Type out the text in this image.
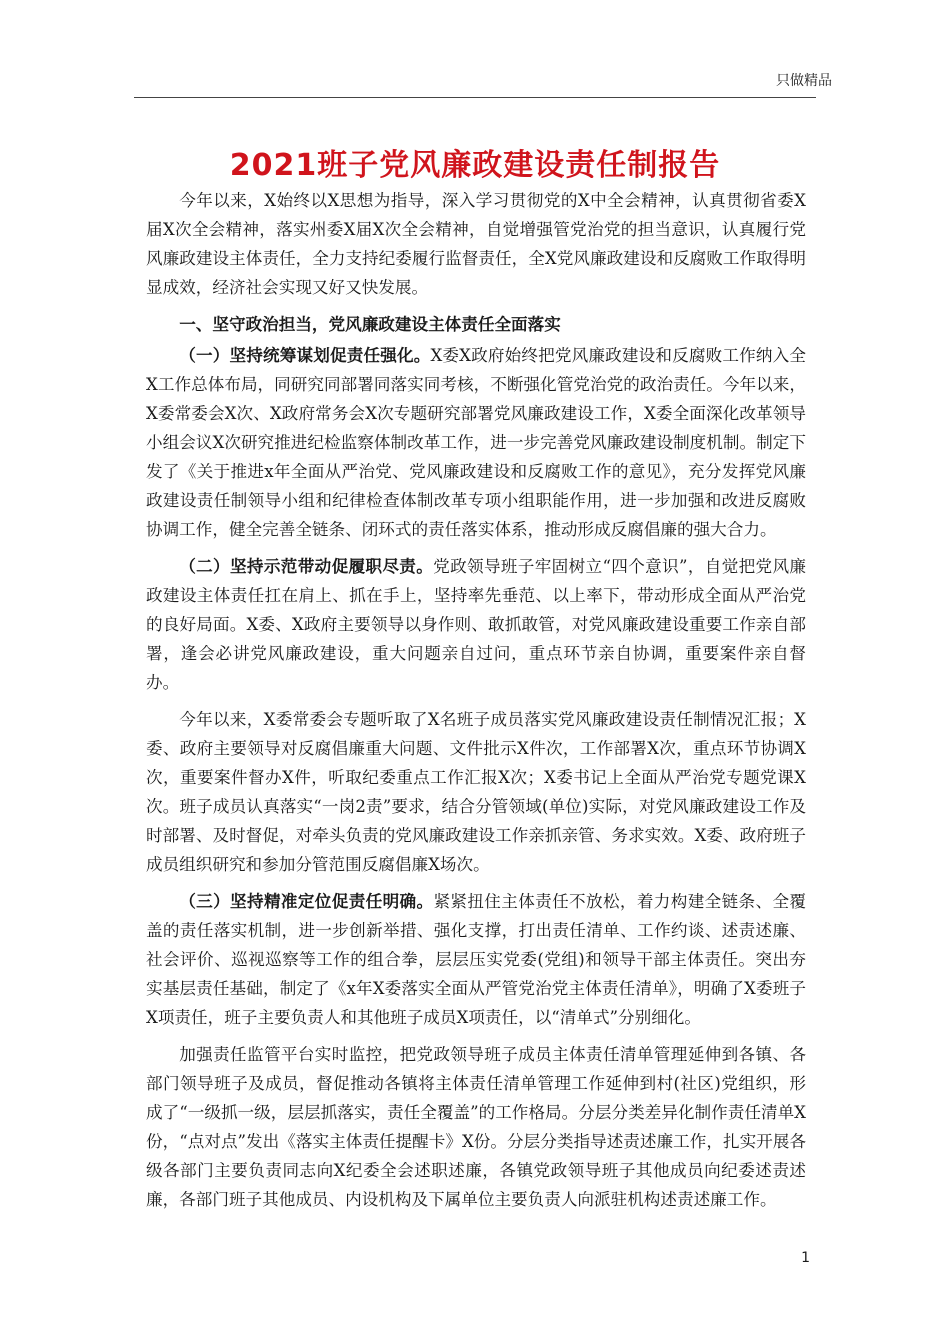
只做精品
2021班子党风廉政建设责任制报告

今年以来，X始终以X思想为指导，深入学习贯彻党的X中全会精神，认真贯彻省委X届X次全会精神，落实州委X届X次全会精神，自觉增强管党治党的担当意识，认真履行党风廉政建设主体责任，全力支持纪委履行监督责任，全X党风廉政建设和反腐败工作取得明显成效，经济社会实现又好又快发展。

一、坚守政治担当，党风廉政建设主体责任全面落实

（一）坚持统筹谋划促责任强化。X委X政府始终把党风廉政建设和反腐败工作纳入全X工作总体布局，同研究同部署同落实同考核，不断强化管党治党的政治责任。今年以来，X委常委会X次、X政府常务会X次专题研究部署党风廉政建设工作，X委全面深化改革领导小组会议X次研究推进纪检监察体制改革工作，进一步完善党风廉政建设制度机制。制定下发了《关于推进x年全面从严治党、党风廉政建设和反腐败工作的意见》，充分发挥党风廉政建设责任制领导小组和纪律检查体制改革专项小组职能作用，进一步加强和改进反腐败协调工作，健全完善全链条、闭环式的责任落实体系，推动形成反腐倡廉的强大合力。

（二）坚持示范带动促履职尽责。党政领导班子牢固树立“四个意识”，自觉把党风廉政建设主体责任扛在肩上、抓在手上，坚持率先垂范、以上率下，带动形成全面从严治党的良好局面。X委、X政府主要领导以身作则、敢抓敢管，对党风廉政建设重要工作亲自部署，逢会必讲党风廉政建设，重大问题亲自过问，重点环节亲自协调，重要案件亲自督办。

今年以来，X委常委会专题听取了X名班子成员落实党风廉政建设责任制情况汇报；X委、政府主要领导对反腐倡廉重大问题、文件批示X件次，工作部署X次，重点环节协调X次，重要案件督办X件，听取纪委重点工作汇报X次；X委书记上全面从严治党专题党课X次。班子成员认真落实“一岗2责”要求，结合分管领域(单位)实际，对党风廉政建设工作及时部署、及时督促，对牵头负责的党风廉政建设工作亲抓亲管、务求实效。X委、政府班子成员组织研究和参加分管范围反腐倡廉X场次。

（三）坚持精准定位促责任明确。紧紧扭住主体责任不放松，着力构建全链条、全覆盖的责任落实机制，进一步创新举措、强化支撑，打出责任清单、工作约谈、述责述廉、社会评价、巡视巡察等工作的组合拳，层层压实党委(党组)和领导干部主体责任。突出夯实基层责任基础，制定了《x年X委落实全面从严管党治党主体责任清单》，明确了X委班子X项责任，班子主要负责人和其他班子成员X项责任，以“清单式”分别细化。

加强责任监管平台实时监控，把党政领导班子成员主体责任清单管理延伸到各镇、各部门领导班子及成员，督促推动各镇将主体责任清单管理工作延伸到村(社区)党组织，形成了“一级抓一级，层层抓落实，责任全覆盖”的工作格局。分层分类差异化制作责任清单X份，“点对点”发出《落实主体责任提醒卡》X份。分层分类指导述责述廉工作，扎实开展各级各部门主要负责同志向X纪委全会述职述廉，各镇党政领导班子其他成员向纪委述责述廉，各部门班子其他成员、内设机构及下属单位主要负责人向派驻机构述责述廉工作。

1
